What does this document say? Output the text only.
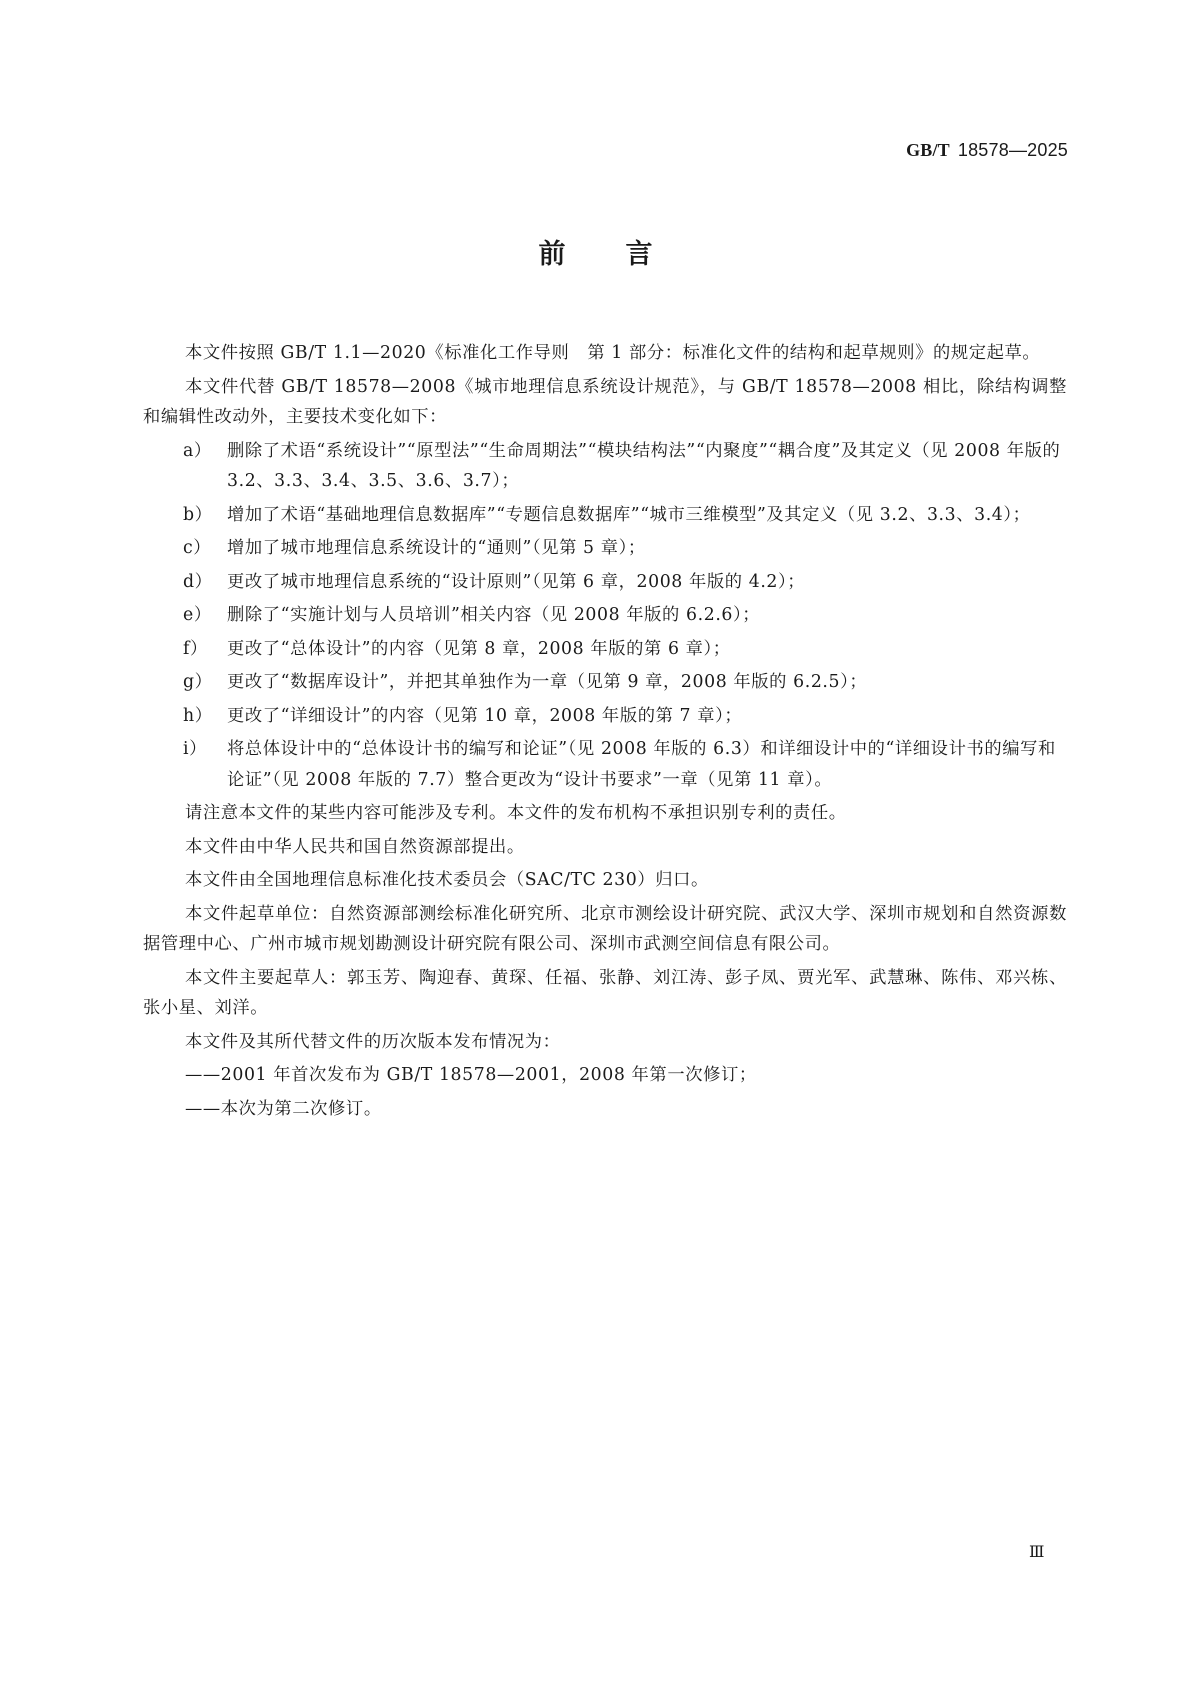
GB/T 18578—2025
前 言

本文件按照 GB/T 1.1—2020《标准化工作导则　第 1 部分：标准化文件的结构和起草规则》的规定起草。

本文件代替 GB/T 18578—2008《城市地理信息系统设计规范》，与 GB/T 18578—2008 相比，除结构调整和编辑性改动外，主要技术变化如下：

a） 删除了术语“系统设计”“原型法”“生命周期法”“模块结构法”“内聚度”“耦合度”及其定义（见 2008 年版的 3.2、3.3、3.4、3.5、3.6、3.7）；
b） 增加了术语“基础地理信息数据库”“专题信息数据库”“城市三维模型”及其定义（见 3.2、3.3、3.4）；
c） 增加了城市地理信息系统设计的“通则”（见第 5 章）；
d） 更改了城市地理信息系统的“设计原则”（见第 6 章，2008 年版的 4.2）；
e） 删除了“实施计划与人员培训”相关内容（见 2008 年版的 6.2.6）；
f） 更改了“总体设计”的内容（见第 8 章，2008 年版的第 6 章）；
g） 更改了“数据库设计”，并把其单独作为一章（见第 9 章，2008 年版的 6.2.5）；
h） 更改了“详细设计”的内容（见第 10 章，2008 年版的第 7 章）；
i） 将总体设计中的“总体设计书的编写和论证”（见 2008 年版的 6.3）和详细设计中的“详细设计书的编写和论证”（见 2008 年版的 7.7）整合更改为“设计书要求”一章（见第 11 章）。

请注意本文件的某些内容可能涉及专利。本文件的发布机构不承担识别专利的责任。

本文件由中华人民共和国自然资源部提出。

本文件由全国地理信息标准化技术委员会（SAC/TC 230）归口。

本文件起草单位：自然资源部测绘标准化研究所、北京市测绘设计研究院、武汉大学、深圳市规划和自然资源数据管理中心、广州市城市规划勘测设计研究院有限公司、深圳市武测空间信息有限公司。

本文件主要起草人：郭玉芳、陶迎春、黄琛、任福、张静、刘江涛、彭子凤、贾光军、武慧琳、陈伟、邓兴栋、张小星、刘洋。

本文件及其所代替文件的历次版本发布情况为：

——2001 年首次发布为 GB/T 18578—2001，2008 年第一次修订；

——本次为第二次修订。

Ⅲ
